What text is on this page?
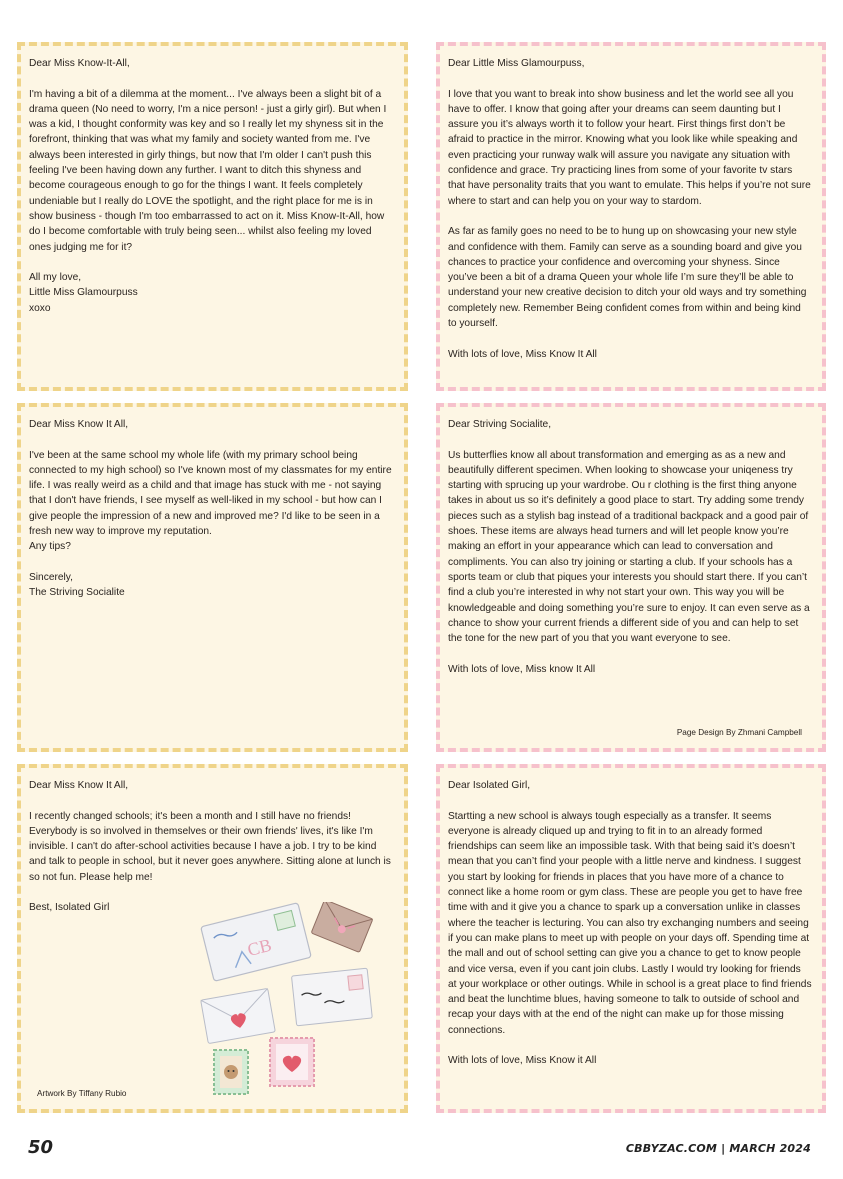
Dear Miss Know-It-All,

I'm having a bit of a dilemma at the moment... I've always been a slight bit of a drama queen (No need to worry, I'm a nice person! - just a girly girl). But when I was a kid, I thought conformity was key and so I really let my shyness sit in the forefront, thinking that was what my family and society wanted from me. I've always been interested in girly things, but now that I'm older I can't push this feeling I've been having down any further. I want to ditch this shyness and become courageous enough to go for the things I want. It feels completely undeniable but I really do LOVE the spotlight, and the right place for me is in show business - though I'm too embarrassed to act on it. Miss Know-It-All, how do I become comfortable with truly being seen... whilst also feeling my loved ones judging me for it?

All my love,
Little Miss Glamourpuss
xoxo

Dear Little Miss Glamourpuss,

I love that you want to break into show business and let the world see all you have to offer. I know that going after your dreams can seem daunting but I assure you it’s always worth it to follow your heart. First things first don’t be afraid to practice in the mirror. Knowing what you look like while speaking and even practicing your runway walk will assure you navigate any situation with confidence and grace. Try practicing lines from some of your favorite tv stars that have personality traits that you want to emulate. This helps if you’re not sure where to start and can help you on your way to stardom.

As far as family goes no need to be to hung up on showcasing your new style and confidence with them. Family can serve as a sounding board and give you chances to practice your confidence and overcoming your shyness. Since you’ve been a bit of a drama Queen your whole life I’m sure they’ll be able to understand your new creative decision to ditch your old ways and try something completely new. Remember Being confident comes from within and being kind to yourself.

With lots of love, Miss Know It All

Dear Miss Know It All,

I've been at the same school my whole life (with my primary school being connected to my high school) so I've known most of my classmates for my entire life. I was really weird as a child and that image has stuck with me - not saying that I don't have friends, I see myself as well-liked in my school - but how can I give people the impression of a new and improved me? I'd like to be seen in a fresh new way to improve my reputation.
Any tips?

Sincerely,
The Striving Socialite

Dear Striving Socialite,

Us butterflies know all about transformation and emerging as as a new and beautifully different specimen. When looking to showcase your uniqeness try starting with sprucing up your wardrobe. Ou r clothing is the first thing anyone takes in about us so it’s definitely a good place to start. Try adding some trendy pieces such as a stylish bag instead of a traditional backpack and a good pair of shoes. These items are always head turners and will let people know you’re making an effort in your appearance which can lead to conversation and compliments. You can also try joining or starting a club. If your schools has a sports team or club that piques your interests you should start there. If you can’t find a club you’re interested in why not start your own. This way you will be knowledgeable and doing something you’re sure to enjoy. It can even serve as a chance to show your current friends a different side of you and can help to set the tone for the new part of you that you want everyone to see.

With lots of love, Miss know It All

Page Design By Zhmani Campbell

Dear Miss Know It All,

I recently changed schools; it's been a month and I still have no friends! Everybody is so involved in themselves or their own friends' lives, it's like I'm invisible. I can't do after-school activities because I have a job. I try to be kind and talk to people in school, but it never goes anywhere. Sitting alone at lunch is so not fun. Please help me!

Best, Isolated Girl

Artwork By Tiffany Rubio

Dear Isolated Girl,

Startting a new school is always tough especially as a transfer. It seems everyone is already cliqued up and trying to fit in to an already formed friendships can seem like an impossible task. With that being said it’s doesn’t mean that you can’t find your people with a little nerve and kindness. I suggest you start by looking for friends in places that you have more of a chance to connect like a home room or gym class. These are people you get to have free time with and it give you a chance to spark up a conversation unlike in classes where the teacher is lecturing. You can also try exchanging numbers and seeing if you can make plans to meet up with people on your days off. Spending time at the mall and out of school setting can give you a chance to get to know people  and vice versa, even if you cant join clubs. Lastly I would try looking for friends at your workplace or other outings. While in school is a great place to find friends and beat the lunchtime blues, having someone to talk to outside of school and recap your days with at the end of the night can make up for those missing connections.

With lots of love, Miss Know it All

CB
50	CBBYZAC.COM | MARCH 2024
